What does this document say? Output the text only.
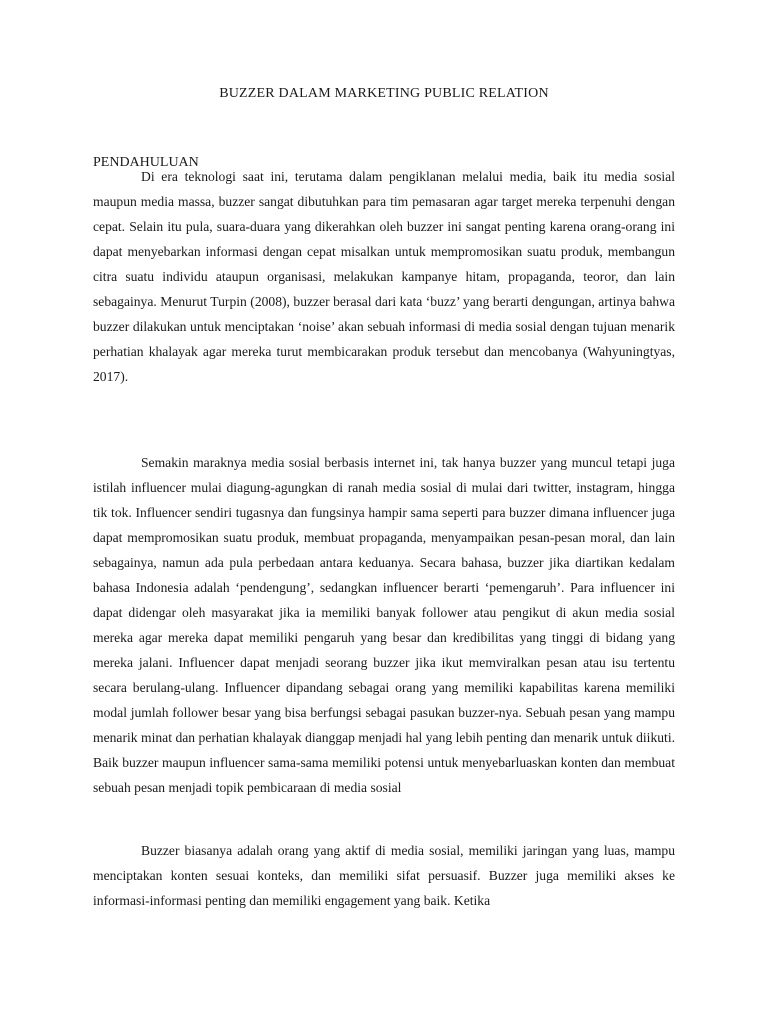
BUZZER DALAM MARKETING PUBLIC RELATION
PENDAHULUAN

Di era teknologi saat ini, terutama dalam pengiklanan melalui media, baik itu media sosial maupun media massa, buzzer sangat dibutuhkan para tim pemasaran agar target mereka terpenuhi dengan cepat. Selain itu pula, suara-duara yang dikerahkan oleh buzzer ini sangat penting karena orang-orang ini dapat menyebarkan informasi dengan cepat misalkan untuk mempromosikan suatu produk, membangun citra suatu individu ataupun organisasi, melakukan kampanye hitam, propaganda, teoror, dan lain sebagainya. Menurut Turpin (2008), buzzer berasal dari kata ‘buzz’ yang berarti dengungan, artinya bahwa buzzer dilakukan untuk menciptakan ‘noise’ akan sebuah informasi di media sosial dengan tujuan menarik perhatian khalayak agar mereka turut membicarakan produk tersebut dan mencobanya (Wahyuningtyas, 2017).

Semakin maraknya media sosial berbasis internet ini, tak hanya buzzer yang muncul tetapi juga istilah influencer mulai diagung-agungkan di ranah media sosial di mulai dari twitter, instagram, hingga tik tok. Influencer sendiri tugasnya dan fungsinya hampir sama seperti para buzzer dimana influencer juga dapat mempromosikan suatu produk, membuat propaganda, menyampaikan pesan-pesan moral, dan lain sebagainya, namun ada pula perbedaan antara keduanya. Secara bahasa, buzzer jika diartikan kedalam bahasa Indonesia adalah ‘pendengung’, sedangkan influencer berarti ‘pemengaruh’. Para influencer ini dapat didengar oleh masyarakat jika ia memiliki banyak follower atau pengikut di akun media sosial mereka agar mereka dapat memiliki pengaruh yang besar dan kredibilitas yang tinggi di bidang yang mereka jalani. Influencer dapat menjadi seorang buzzer jika ikut memviralkan pesan atau isu tertentu secara berulang-ulang. Influencer dipandang sebagai orang yang memiliki kapabilitas karena memiliki modal jumlah follower besar yang bisa berfungsi sebagai pasukan buzzer-nya. Sebuah pesan yang mampu menarik minat dan perhatian khalayak dianggap menjadi hal yang lebih penting dan menarik untuk diikuti. Baik buzzer maupun influencer sama-sama memiliki potensi untuk menyebarluaskan konten dan membuat sebuah pesan menjadi topik pembicaraan di media sosial

Buzzer biasanya adalah orang yang aktif di media sosial, memiliki jaringan yang luas, mampu menciptakan konten sesuai konteks, dan memiliki sifat persuasif. Buzzer juga memiliki akses ke informasi-informasi penting dan memiliki engagement yang baik. Ketika
